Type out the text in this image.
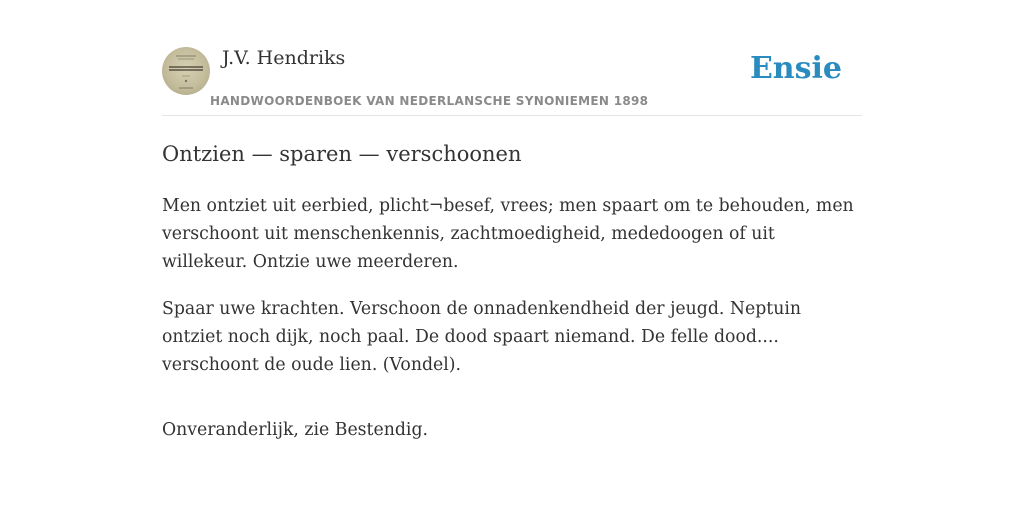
J.V. Hendriks
HANDWOORDENBOEK VAN NEDERLANSCHE SYNONIEMEN 1898
Ensie
Ontzien — sparen — verschoonen

Men ontziet uit eerbied, plicht¬besef, vrees; men spaart om te behouden, men verschoont uit menschenkennis, zachtmoedigheid, mededoogen of uit willekeur. Ontzie uwe meerderen.

Spaar uwe krachten. Verschoon de onnadenkendheid der jeugd. Neptuin ontziet noch dijk, noch paal. De dood spaart niemand. De felle dood.... verschoont de oude lien. (Vondel).

Onveranderlijk, zie Bestendig.
